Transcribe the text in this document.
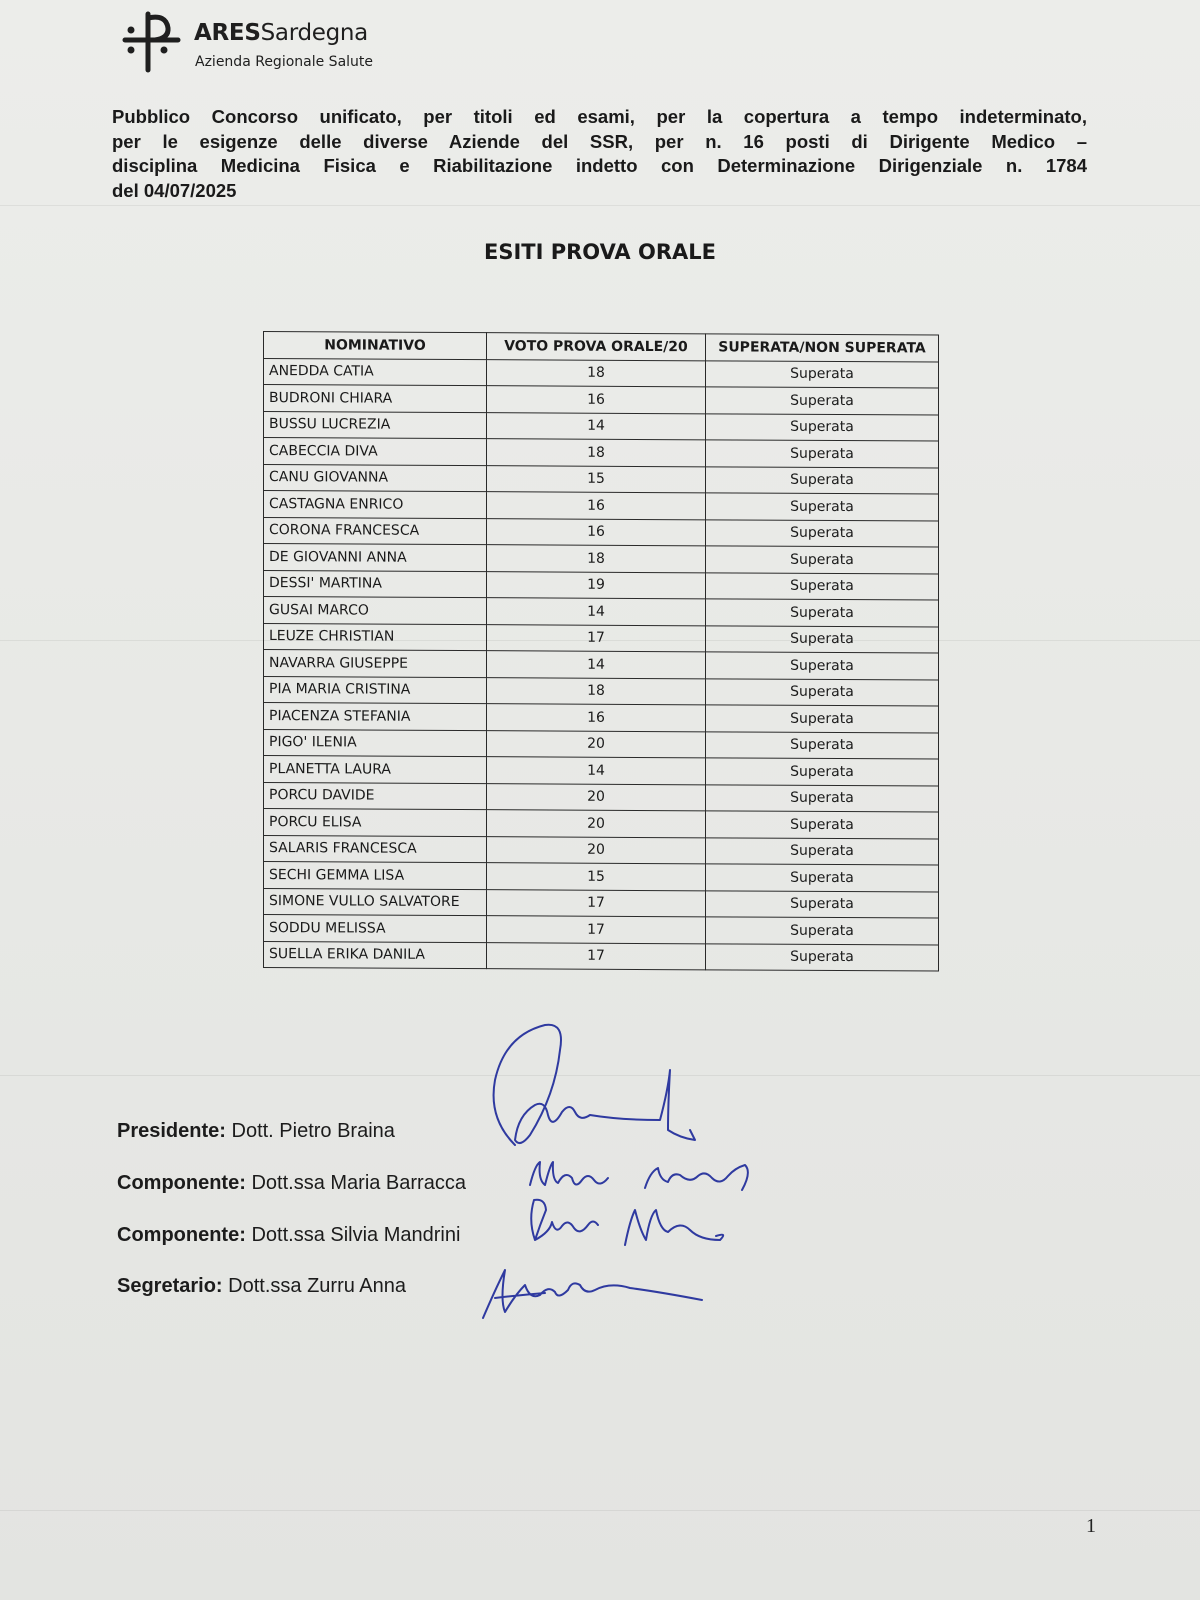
ARESSardegna
Azienda Regionale Salute
Pubblico Concorso unificato, per titoli ed esami, per la copertura a tempo indeterminato,
per le esigenze delle diverse Aziende del SSR, per n. 16 posti di Dirigente Medico –
disciplina Medicina Fisica e Riabilitazione indetto con Determinazione Dirigenziale n. 1784
del 04/07/2025
ESITI PROVA ORALE
NOMINATIVO	VOTO PROVA ORALE/20	SUPERATA/NON SUPERATA
ANEDDA CATIA	18	Superata
BUDRONI CHIARA	16	Superata
BUSSU LUCREZIA	14	Superata
CABECCIA DIVA	18	Superata
CANU GIOVANNA	15	Superata
CASTAGNA ENRICO	16	Superata
CORONA FRANCESCA	16	Superata
DE GIOVANNI ANNA	18	Superata
DESSI' MARTINA	19	Superata
GUSAI MARCO	14	Superata
LEUZE CHRISTIAN	17	Superata
NAVARRA GIUSEPPE	14	Superata
PIA MARIA CRISTINA	18	Superata
PIACENZA STEFANIA	16	Superata
PIGO' ILENIA	20	Superata
PLANETTA LAURA	14	Superata
PORCU DAVIDE	20	Superata
PORCU ELISA	20	Superata
SALARIS FRANCESCA	20	Superata
SECHI GEMMA LISA	15	Superata
SIMONE VULLO SALVATORE	17	Superata
SODDU MELISSA	17	Superata
SUELLA ERIKA DANILA	17	Superata
Presidente: Dott. Pietro Braina
Componente: Dott.ssa Maria Barracca
Componente: Dott.ssa Silvia Mandrini
Segretario: Dott.ssa Zurru Anna
1
